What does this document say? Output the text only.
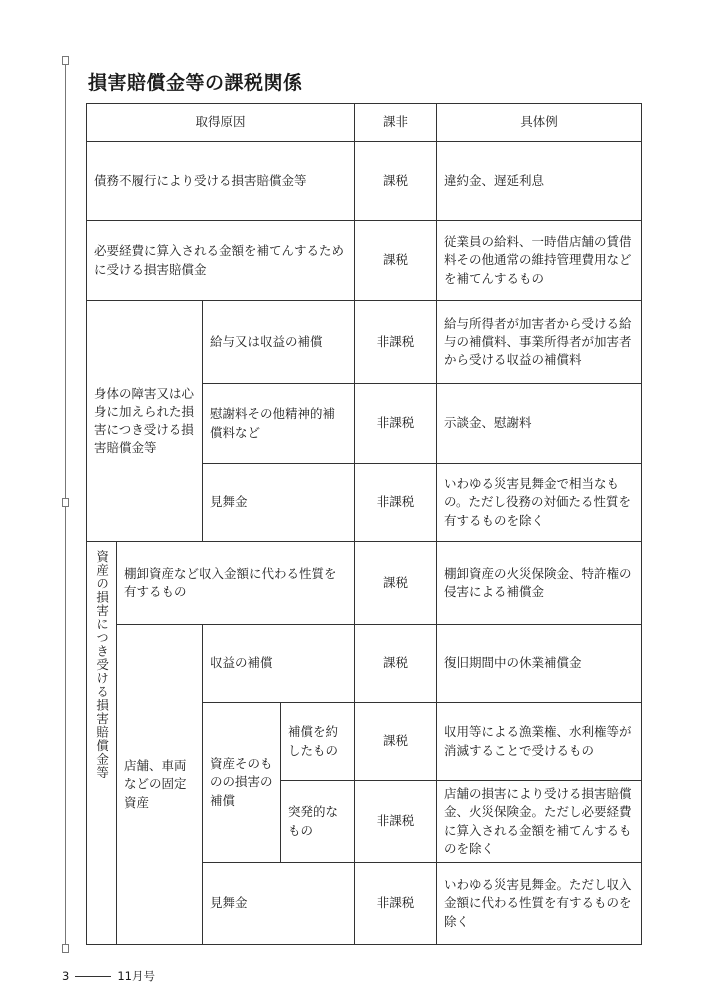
損害賠償金等の課税関係
取得原因				課非	具体例
債務不履行により受ける損害賠償金等				課税	違約金、遅延利息
必要経費に算入される金額を補てんするために受ける損害賠償金				課税	従業員の給料、一時借店舗の賃借料その他通常の維持管理費用などを補てんするもの
身体の障害又は心身に加えられた損害につき受ける損害賠償金等		給与又は収益の補償		非課税	給与所得者が加害者から受ける給与の補償料、事業所得者が加害者から受ける収益の補償料
		慰謝料その他精神的補償料など		非課税	示談金、慰謝料
		見舞金		非課税	いわゆる災害見舞金で相当なもの。ただし役務の対価たる性質を有するものを除く
資産の損害につき受ける損害賠償金等	棚卸資産など収入金額に代わる性質を有するもの			課税	棚卸資産の火災保険金、特許権の侵害による補償金
	店舗、車両などの固定資産	収益の補償		課税	復旧期間中の休業補償金
		資産そのものの損害の補償	補償を約したもの	課税	収用等による漁業権、水利権等が消滅することで受けるもの
			突発的なもの	非課税	店舗の損害により受ける損害賠償金、火災保険金。ただし必要経費に算入される金額を補てんするものを除く
		見舞金		非課税	いわゆる災害見舞金。ただし収入金額に代わる性質を有するものを除く
3	11月号
